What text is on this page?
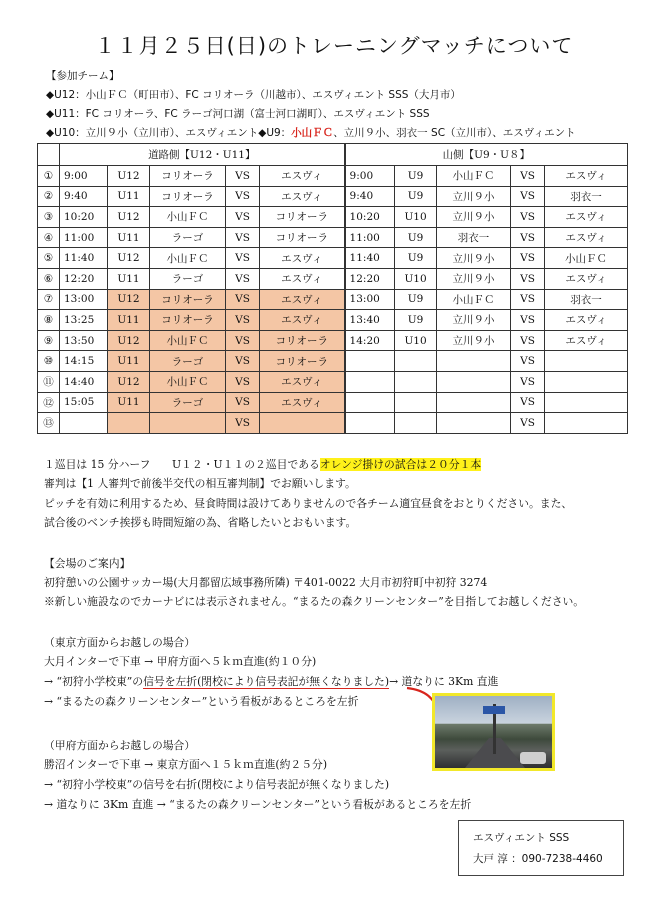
１１月２５日(日)のトレーニングマッチについて
【参加チーム】
◆U12：小山ＦＣ（町田市）、FC コリオーラ（川越市）、エスヴィエント SSS（大月市）
◆U11：FC コリオーラ、FC ラーゴ河口湖（富士河口湖町）、エスヴィエント SSS
◆U10：立川９小（立川市）、エスヴィエント◆U9：小山ＦＣ、立川９小、羽衣一 SC（立川市）、エスヴィエント
	道路側【U12・U11】					山側【U9・U８】				
①	9:00	U12	コリオーラ	VS	エスヴィ	9:00	U9	小山ＦＣ	VS	エスヴィ
②	9:40	U11	コリオーラ	VS	エスヴィ	9:40	U9	立川９小	VS	羽衣一
③	10:20	U12	小山ＦＣ	VS	コリオーラ	10:20	U10	立川９小	VS	エスヴィ
④	11:00	U11	ラーゴ	VS	コリオーラ	11:00	U9	羽衣一	VS	エスヴィ
⑤	11:40	U12	小山ＦＣ	VS	エスヴィ	11:40	U9	立川９小	VS	小山ＦＣ
⑥	12:20	U11	ラーゴ	VS	エスヴィ	12:20	U10	立川９小	VS	エスヴィ
⑦	13:00	U12	コリオーラ	VS	エスヴィ	13:00	U9	小山ＦＣ	VS	羽衣一
⑧	13:25	U11	コリオーラ	VS	エスヴィ	13:40	U9	立川９小	VS	エスヴィ
⑨	13:50	U12	小山ＦＣ	VS	コリオーラ	14:20	U10	立川９小	VS	エスヴィ
⑩	14:15	U11	ラーゴ	VS	コリオーラ				VS	
⑪	14:40	U12	小山ＦＣ	VS	エスヴィ				VS	
⑫	15:05	U11	ラーゴ	VS	エスヴィ				VS	
⑬				VS					VS	
１巡目は 15 分ハーフ　　U１２・U１１の２巡目であるオレンジ掛けの試合は２０分１本
審判は【1 人審判で前後半交代の相互審判制】でお願いします。
ピッチを有効に利用するため、昼食時間は設けてありませんので各チーム適宜昼食をおとりください。また、
試合後のベンチ挨拶も時間短縮の為、省略したいとおもいます。
【会場のご案内】
初狩憩いの公園サッカー場(大月都留広域事務所隣) 〒401-0022 大月市初狩町中初狩 3274
※新しい施設なのでカーナビには表示されません。“まるたの森クリーンセンター”を目指してお越しください。
（東京方面からお越しの場合）
大月インターで下車 → 甲府方面へ５ｋｍ直進(約１０分)
→ “初狩小学校東”の信号を左折(閉校により信号表記が無くなりました)→ 道なりに 3Km 直進
→ “まるたの森クリーンセンター”という看板があるところを左折
（甲府方面からお越しの場合）
勝沼インターで下車 → 東京方面へ１５ｋｍ直進(約２５分)
→ “初狩小学校東”の信号を右折(閉校により信号表記が無くなりました)
→ 道なりに 3Km 直進 → “まるたの森クリーンセンター”という看板があるところを左折
エスヴィエント SSS
大戸 淳 ：090-7238-4460
